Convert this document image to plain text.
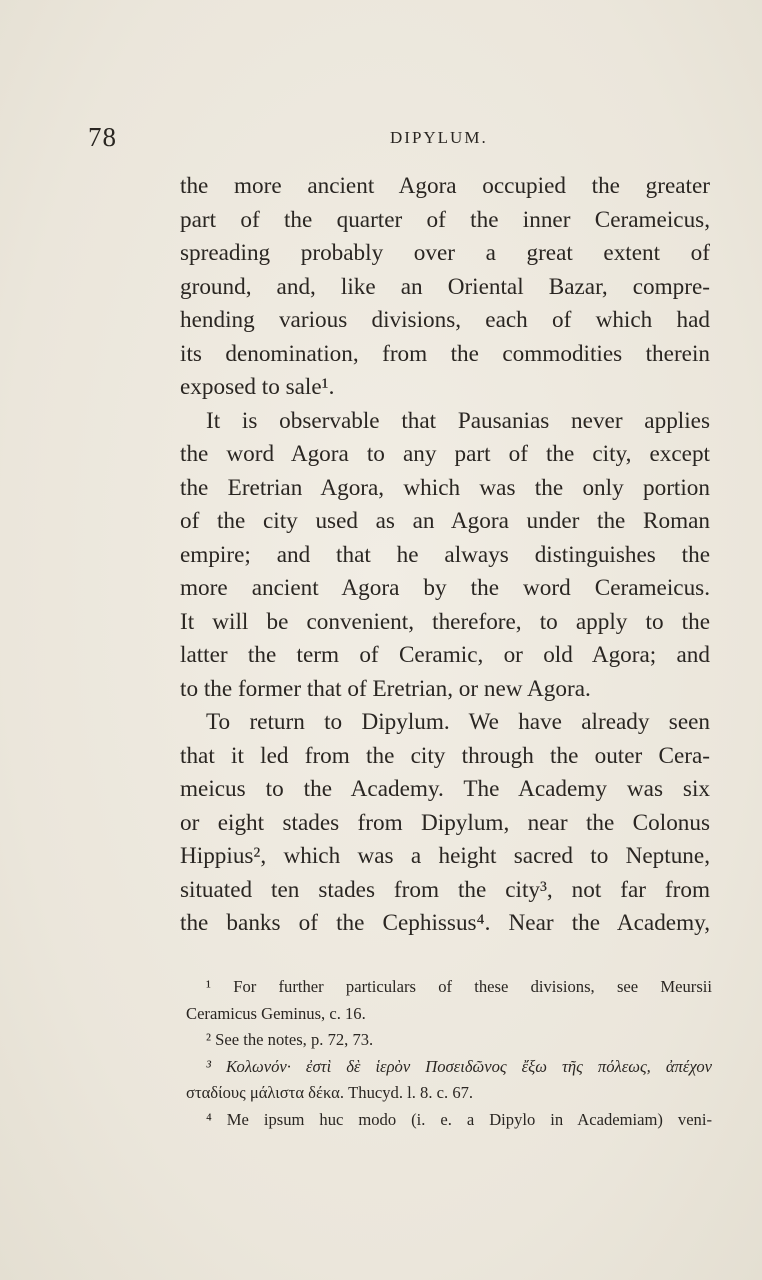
78	DIPYLUM.
the more ancient Agora occupied the greater
part of the quarter of the inner Cerameicus,
spreading probably over a great extent of
ground, and, like an Oriental Bazar, compre-
hending various divisions, each of which had
its denomination, from the commodities therein
exposed to sale¹.
It is observable that Pausanias never applies
the word Agora to any part of the city, except
the Eretrian Agora, which was the only portion
of the city used as an Agora under the Roman
empire; and that he always distinguishes the
more ancient Agora by the word Cerameicus.
It will be convenient, therefore, to apply to the
latter the term of Ceramic, or old Agora; and
to the former that of Eretrian, or new Agora.
To return to Dipylum. We have already seen
that it led from the city through the outer Cera-
meicus to the Academy. The Academy was six
or eight stades from Dipylum, near the Colonus
Hippius², which was a height sacred to Neptune,
situated ten stades from the city³, not far from
the banks of the Cephissus⁴. Near the Academy,
¹ For further particulars of these divisions, see Meursii
Ceramicus Geminus, c. 16.
² See the notes, p. 72, 73.
³ Κολωνόν· ἐστὶ δὲ ἱερὸν Ποσειδῶνος ἔξω τῆς πόλεως, ἀπέχον
σταδίους μάλιστα δέκα. Thucyd. l. 8. c. 67.
⁴ Me ipsum huc modo (i. e. a Dipylo in Academiam) veni-
